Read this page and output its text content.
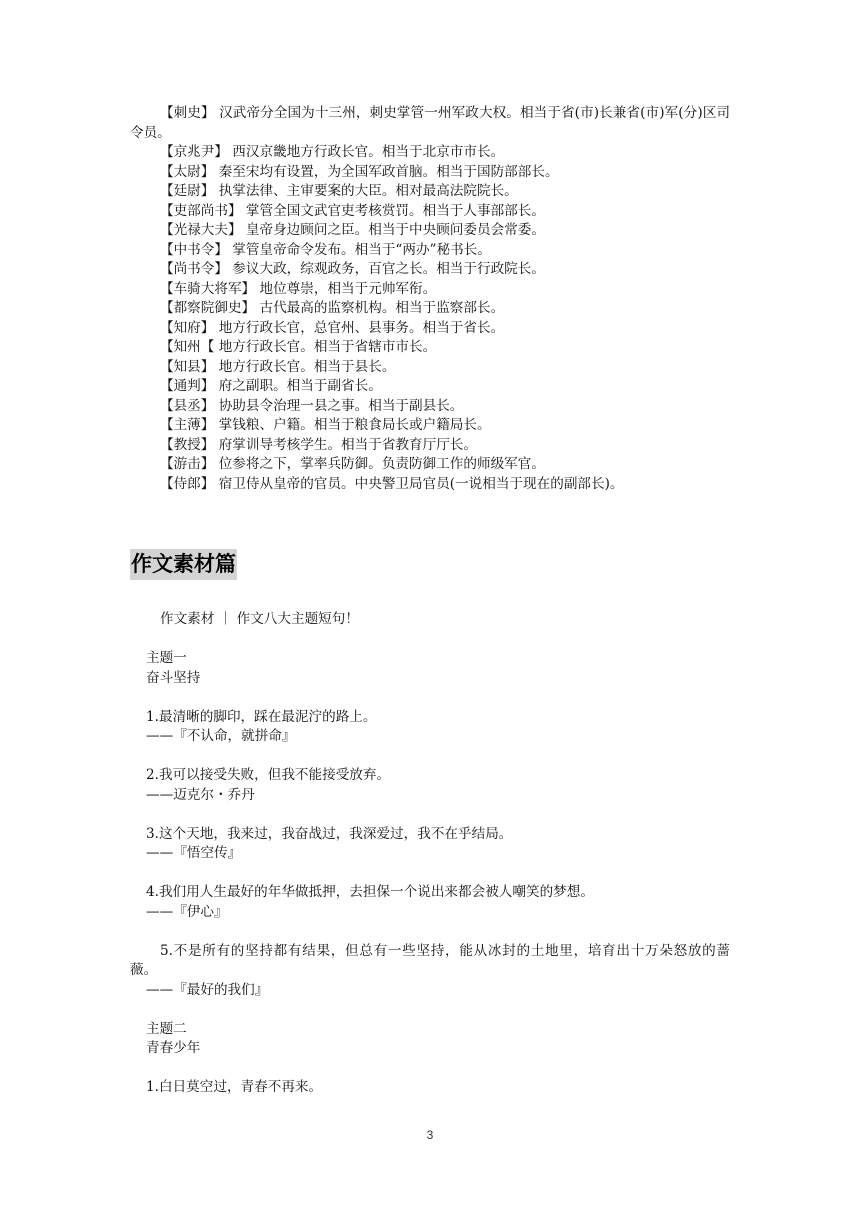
【刺史】 汉武帝分全国为十三州，刺史掌管一州军政大权。相当于省(市)长兼省(市)军(分)区司令员。

【京兆尹】 西汉京畿地方行政长官。相当于北京市市长。

【太尉】 秦至宋均有设置，为全国军政首脑。相当于国防部部长。

【廷尉】 执掌法律、主审要案的大臣。相对最高法院院长。

【吏部尚书】 掌管全国文武官吏考核赏罚。相当于人事部部长。

【光禄大夫】 皇帝身边顾问之臣。相当于中央顾问委员会常委。

【中书令】 掌管皇帝命令发布。相当于“两办”秘书长。

【尚书令】 参议大政，综观政务，百官之长。相当于行政院长。

【车骑大将军】 地位尊崇，相当于元帅军衔。

【都察院御史】 古代最高的监察机构。相当于监察部长。

【知府】 地方行政长官，总官州、县事务。相当于省长。

【知州【 地方行政长官。相当于省辖市市长。

【知县】 地方行政长官。相当于县长。

【通判】 府之副职。相当于副省长。

【县丞】 协助县令治理一县之事。相当于副县长。

【主薄】 掌钱粮、户籍。相当于粮食局长或户籍局长。

【教授】 府掌训导考核学生。相当于省教育厅厅长。

【游击】 位参将之下，掌率兵防御。负责防御工作的师级军官。

【侍郎】 宿卫侍从皇帝的官员。中央警卫局官员(一说相当于现在的副部长)。

作文素材篇

作文素材 ｜ 作文八大主题短句！

主题一

奋斗坚持

1.最清晰的脚印，踩在最泥泞的路上。

——『不认命，就拼命』

2.我可以接受失败，但我不能接受放弃。

——迈克尔・乔丹

3.这个天地，我来过，我奋战过，我深爱过，我不在乎结局。

——『悟空传』

4.我们用人生最好的年华做抵押，去担保一个说出来都会被人嘲笑的梦想。

——『伊心』

5.不是所有的坚持都有结果，但总有一些坚持，能从冰封的土地里，培育出十万朵怒放的蔷薇。

——『最好的我们』

主题二

青春少年

1.白日莫空过，青春不再来。

3
